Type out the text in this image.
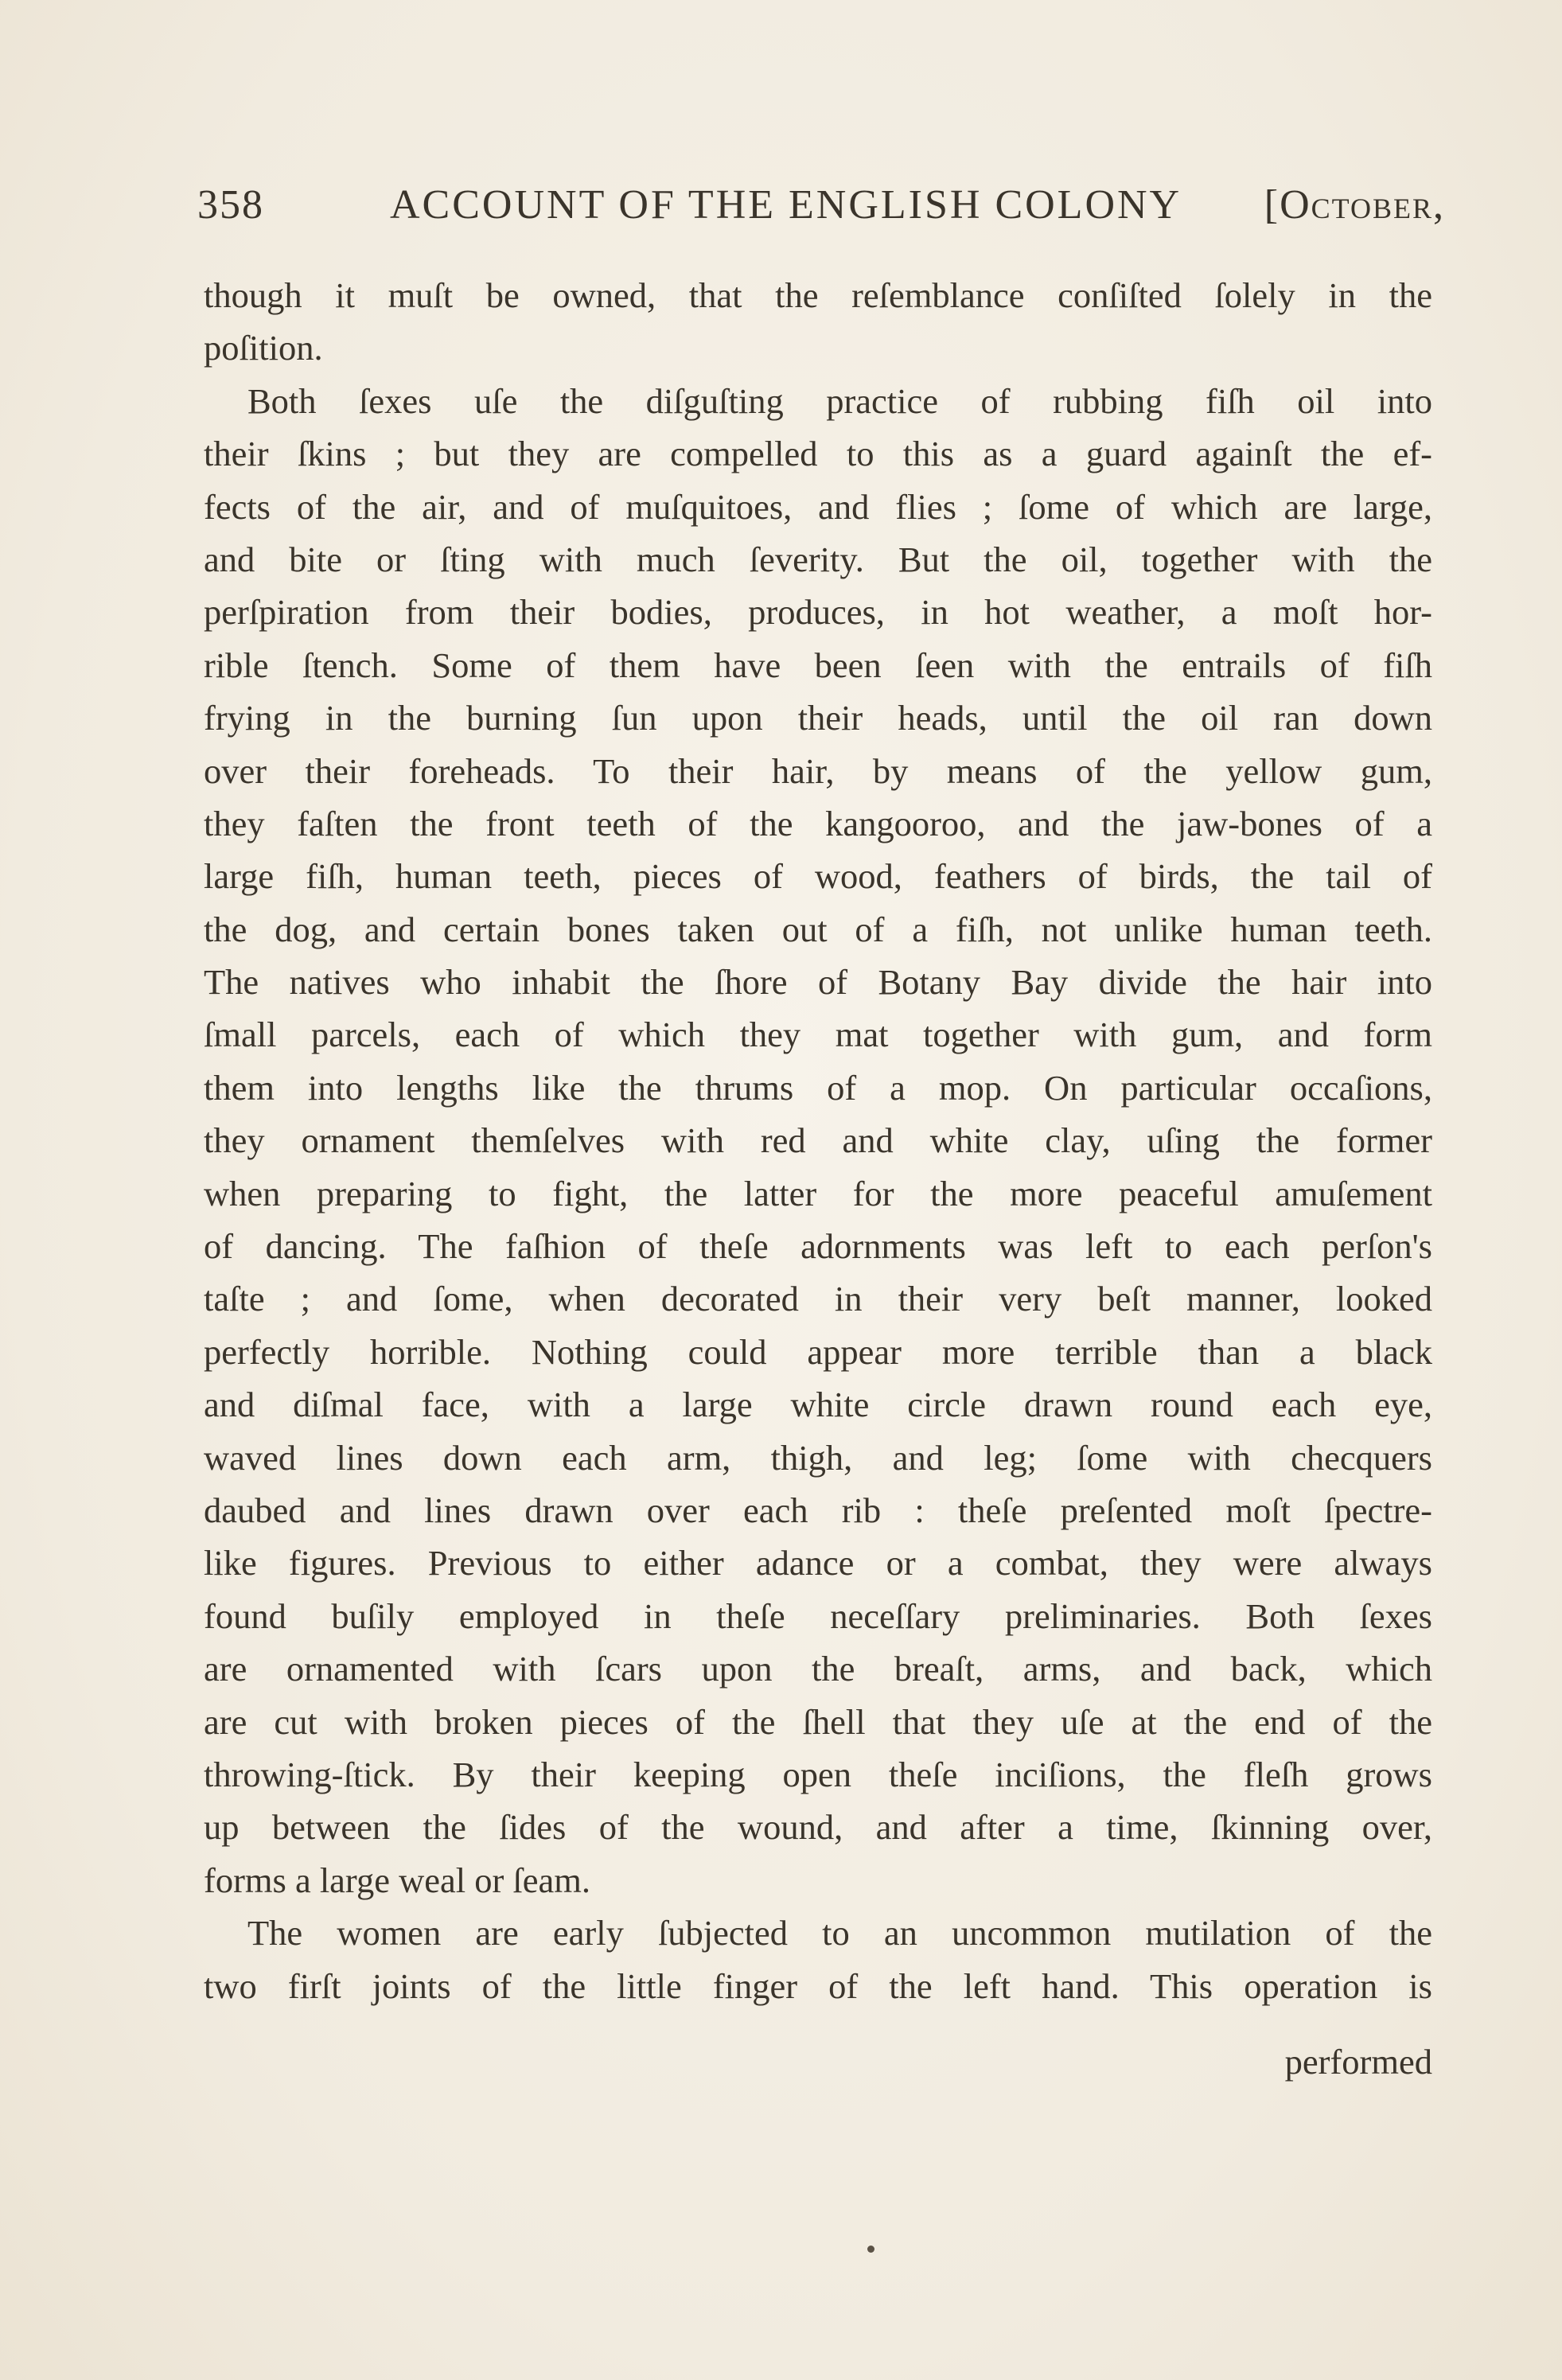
358	ACCOUNT OF THE ENGLISH COLONY [October,
though it muſt be owned, that the reſemblance conſiſted ſolely in the
poſition.
Both ſexes uſe the diſguſting practice of rubbing fiſh oil into
their ſkins ; but they are compelled to this as a guard againſt the ef-
fects of the air, and of muſquitoes, and flies ; ſome of which are large,
and bite or ſting with much ſeverity. But the oil, together with the
perſpiration from their bodies, produces, in hot weather, a moſt hor-
rible ſtench. Some of them have been ſeen with the entrails of fiſh
frying in the burning ſun upon their heads, until the oil ran down
over their foreheads. To their hair, by means of the yellow gum,
they faſten the front teeth of the kangooroo, and the jaw-bones of a
large fiſh, human teeth, pieces of wood, feathers of birds, the tail of
the dog, and certain bones taken out of a fiſh, not unlike human teeth.
The natives who inhabit the ſhore of Botany Bay divide the hair into
ſmall parcels, each of which they mat together with gum, and form
them into lengths like the thrums of a mop. On particular occaſions,
they ornament themſelves with red and white clay, uſing the former
when preparing to fight, the latter for the more peaceful amuſement
of dancing. The faſhion of theſe adornments was left to each perſon's
taſte ; and ſome, when decorated in their very beſt manner, looked
perfectly horrible. Nothing could appear more terrible than a black
and diſmal face, with a large white circle drawn round each eye,
waved lines down each arm, thigh, and leg; ſome with checquers
daubed and lines drawn over each rib : theſe preſented moſt ſpectre-
like figures. Previous to either adance or a combat, they were always
found buſily employed in theſe neceſſary preliminaries. Both ſexes
are ornamented with ſcars upon the breaſt, arms, and back, which
are cut with broken pieces of the ſhell that they uſe at the end of the
throwing-ſtick. By their keeping open theſe inciſions, the fleſh grows
up between the ſides of the wound, and after a time, ſkinning over,
forms a large weal or ſeam.
The women are early ſubjected to an uncommon mutilation of the
two firſt joints of the little finger of the left hand. This operation is
performed
